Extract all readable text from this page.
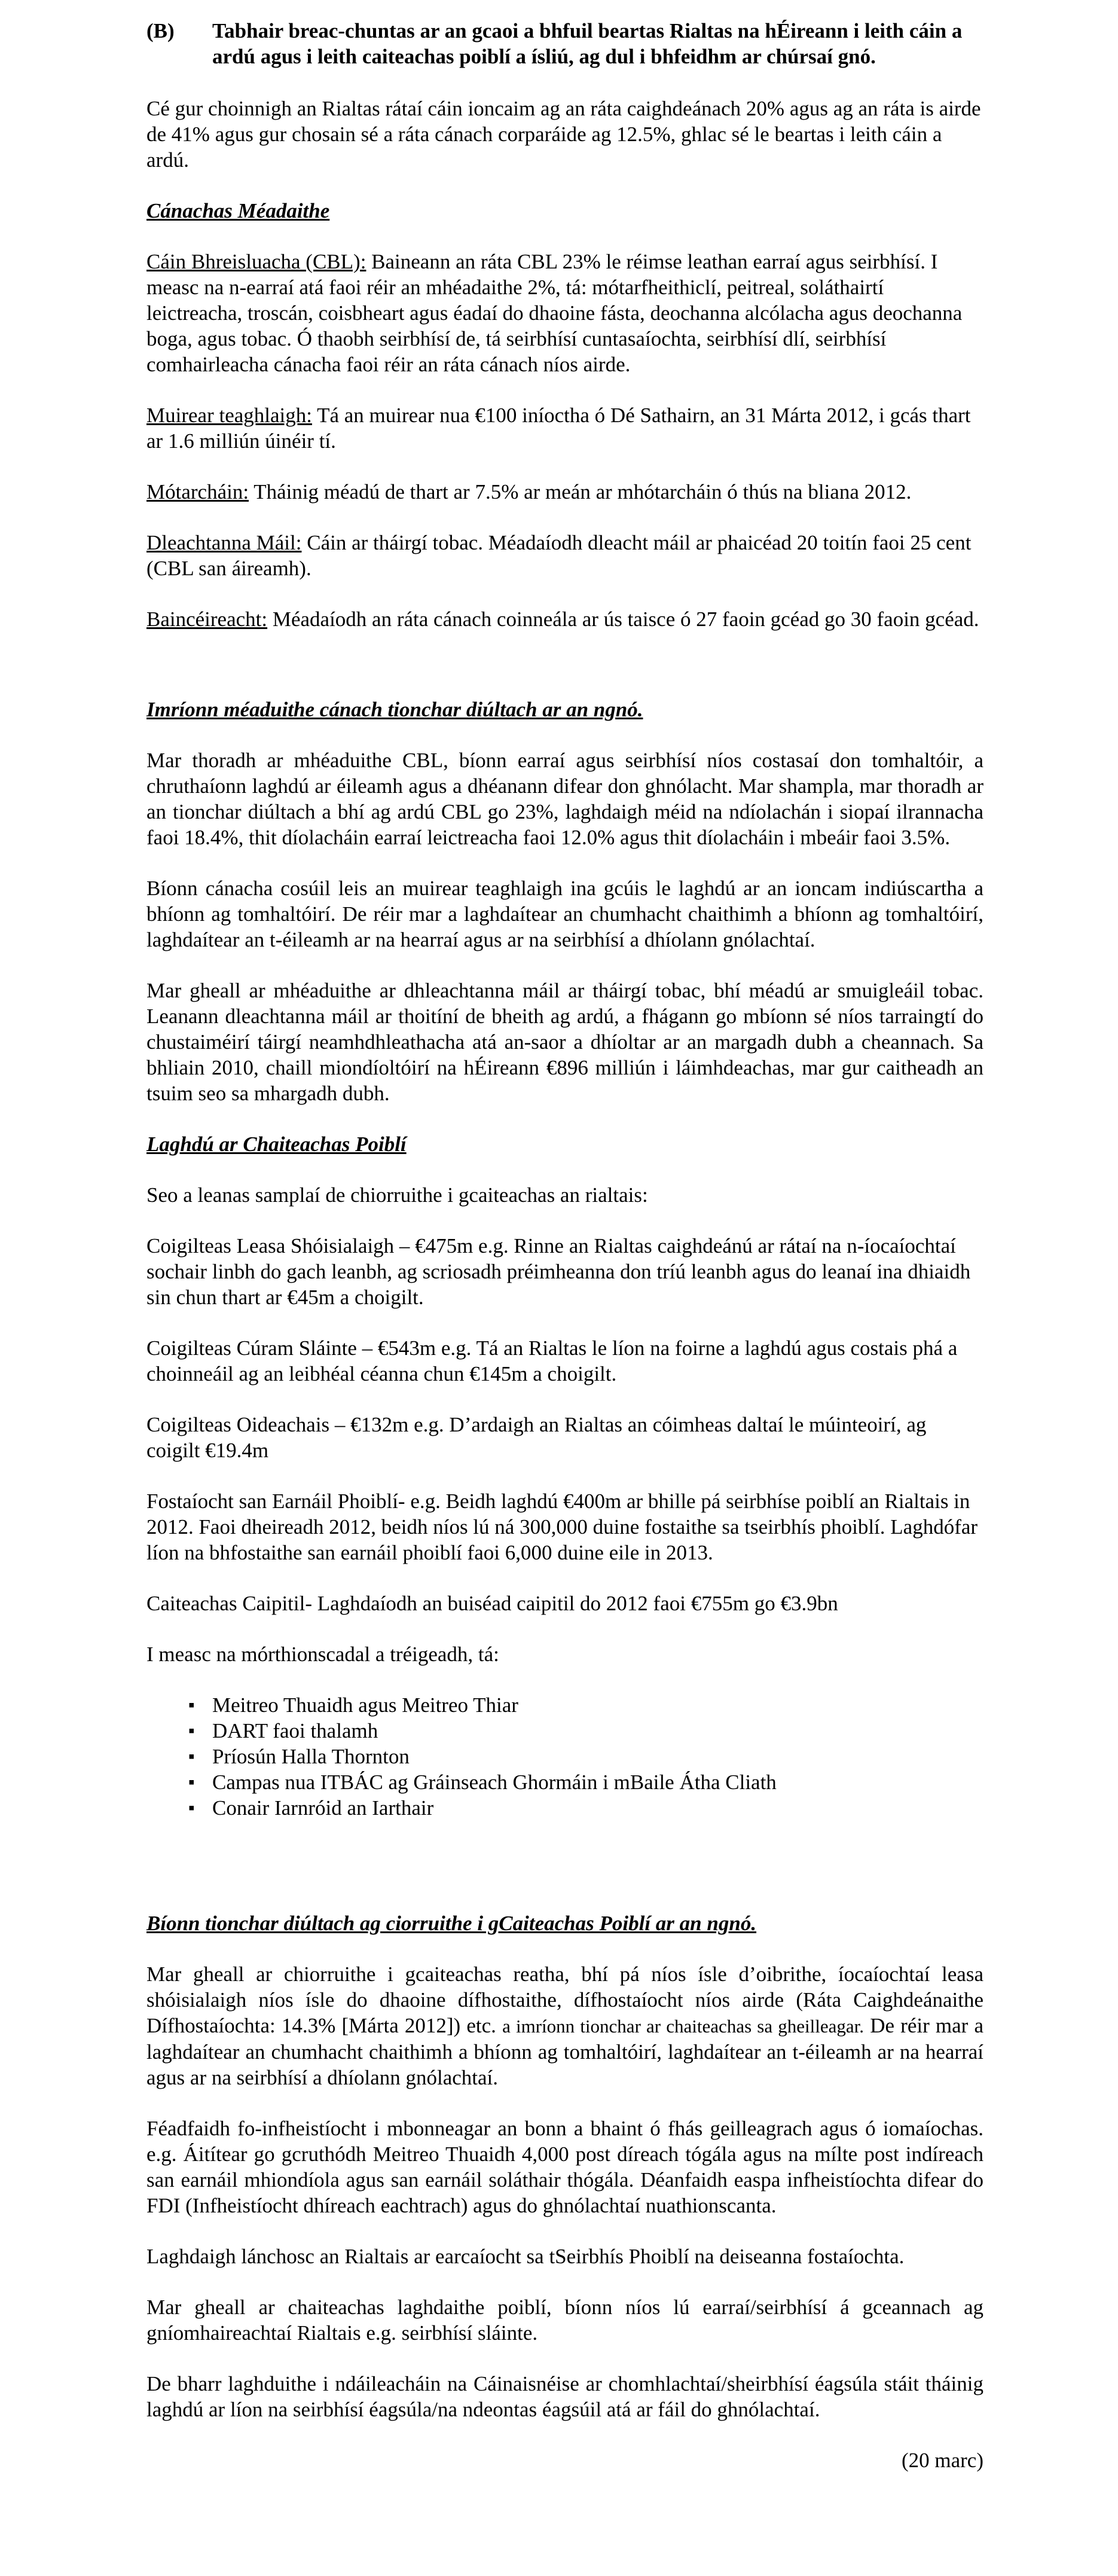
(B)	Tabhair breac-chuntas ar an gcaoi a bhfuil beartas Rialtas na hÉireann i leith cáin a ardú agus i leith caiteachas poiblí a ísliú, ag dul i bhfeidhm ar chúrsaí gnó.

Cé gur choinnigh an Rialtas rátaí cáin ioncaim ag an ráta caighdeánach 20% agus ag an ráta is airde de 41% agus gur chosain sé a ráta cánach corparáide ag 12.5%, ghlac sé le beartas i leith cáin a ardú.

Cánachas Méadaithe

Cáin Bhreisluacha (CBL): Baineann an ráta CBL 23% le réimse leathan earraí agus seirbhísí. I measc na n-earraí atá faoi réir an mhéadaithe 2%, tá: mótarfheithiclí, peitreal, soláthairtí leictreacha, troscán, coisbheart agus éadaí do dhaoine fásta, deochanna alcólacha agus deochanna boga, agus tobac. Ó thaobh seirbhísí de, tá seirbhísí cuntasaíochta, seirbhísí dlí, seirbhísí comhairleacha cánacha faoi réir an ráta cánach níos airde.

Muirear teaghlaigh: Tá an muirear nua €100 iníoctha ó Dé Sathairn, an 31 Márta 2012, i gcás thart ar 1.6 milliún úinéir tí.

Mótarcháin: Tháinig méadú de thart ar 7.5% ar meán ar mhótarcháin ó thús na bliana 2012.

Dleachtanna Máil: Cáin ar tháirgí tobac. Méadaíodh dleacht máil ar phaicéad 20 toitín faoi 25 cent (CBL san áireamh).

Baincéireacht: Méadaíodh an ráta cánach coinneála ar ús taisce ó 27 faoin gcéad go 30 faoin gcéad.

Imríonn méaduithe cánach tionchar diúltach ar an ngnó.

Mar thoradh ar mhéaduithe CBL, bíonn earraí agus seirbhísí níos costasaí don tomhaltóir, a chruthaíonn laghdú ar éileamh agus a dhéanann difear don ghnólacht. Mar shampla, mar thoradh ar an tionchar diúltach a bhí ag ardú CBL go 23%, laghdaigh méid na ndíolachán i siopaí ilrannacha faoi 18.4%, thit díolacháin earraí leictreacha faoi 12.0% agus thit díolacháin i mbeáir faoi 3.5%.

Bíonn cánacha cosúil leis an muirear teaghlaigh ina gcúis le laghdú ar an ioncam indiúscartha a bhíonn ag tomhaltóirí. De réir mar a laghdaítear an chumhacht chaithimh a bhíonn ag tomhaltóirí, laghdaítear an t-éileamh ar na hearraí agus ar na seirbhísí a dhíolann gnólachtaí.

Mar gheall ar mhéaduithe ar dhleachtanna máil ar tháirgí tobac, bhí méadú ar smuigleáil tobac. Leanann dleachtanna máil ar thoitíní de bheith ag ardú, a fhágann go mbíonn sé níos tarraingtí do chustaiméirí táirgí neamhdhleathacha atá an-saor a dhíoltar ar an margadh dubh a cheannach. Sa bhliain 2010, chaill miondíoltóirí na hÉireann €896 milliún i láimhdeachas, mar gur caitheadh an tsuim seo sa mhargadh dubh.

Laghdú ar Chaiteachas Poiblí

Seo a leanas samplaí de chiorruithe i gcaiteachas an rialtais:

Coigilteas Leasa Shóisialaigh – €475m e.g. Rinne an Rialtas caighdeánú ar rátaí na n-íocaíochtaí sochair linbh do gach leanbh, ag scriosadh préimheanna don tríú leanbh agus do leanaí ina dhiaidh sin chun thart ar €45m a choigilt.

Coigilteas Cúram Sláinte – €543m e.g. Tá an Rialtas le líon na foirne a laghdú agus costais phá a choinneáil ag an leibhéal céanna chun €145m a choigilt.

Coigilteas Oideachais – €132m e.g. D’ardaigh an Rialtas an cóimheas daltaí le múinteoirí, ag coigilt €19.4m

Fostaíocht san Earnáil Phoiblí- e.g. Beidh laghdú €400m ar bhille pá seirbhíse poiblí an Rialtais in 2012. Faoi dheireadh 2012, beidh níos lú ná 300,000 duine fostaithe sa tseirbhís phoiblí. Laghdófar líon na bhfostaithe san earnáil phoiblí faoi 6,000 duine eile in 2013.

Caiteachas Caipitil- Laghdaíodh an buiséad caipitil do 2012 faoi €755m go €3.9bn

I measc na mórthionscadal a tréigeadh, tá:

▪ Meitreo Thuaidh agus Meitreo Thiar
▪ DART faoi thalamh
▪ Príosún Halla Thornton
▪ Campas nua ITBÁC ag Gráinseach Ghormáin i mBaile Átha Cliath
▪ Conair Iarnróid an Iarthair

Bíonn tionchar diúltach ag ciorruithe i gCaiteachas Poiblí ar an ngnó.

Mar gheall ar chiorruithe i gcaiteachas reatha, bhí pá níos ísle d’oibrithe, íocaíochtaí leasa shóisialaigh níos ísle do dhaoine dífhostaithe, dífhostaíocht níos airde (Ráta Caighdeánaithe Dífhostaíochta: 14.3% [Márta 2012]) etc. a imríonn tionchar ar chaiteachas sa gheilleagar. De réir mar a laghdaítear an chumhacht chaithimh a bhíonn ag tomhaltóirí, laghdaítear an t-éileamh ar na hearraí agus ar na seirbhísí a dhíolann gnólachtaí.

Féadfaidh fo-infheistíocht i mbonneagar an bonn a bhaint ó fhás geilleagrach agus ó iomaíochas. e.g. Áitítear go gcruthódh Meitreo Thuaidh 4,000 post díreach tógála agus na mílte post indíreach san earnáil mhiondíola agus san earnáil soláthair thógála. Déanfaidh easpa infheistíochta difear do FDI (Infheistíocht dhíreach eachtrach) agus do ghnólachtaí nuathionscanta.

Laghdaigh lánchosc an Rialtais ar earcaíocht sa tSeirbhís Phoiblí na deiseanna fostaíochta.

Mar gheall ar chaiteachas laghdaithe poiblí, bíonn níos lú earraí/seirbhísí á gceannach ag gníomhaireachtaí Rialtais e.g. seirbhísí sláinte.

De bharr laghduithe i ndáileacháin na Cáinaisnéise ar chomhlachtaí/sheirbhísí éagsúla stáit tháinig laghdú ar líon na seirbhísí éagsúla/na ndeontas éagsúil atá ar fáil do ghnólachtaí.

(20 marc)
